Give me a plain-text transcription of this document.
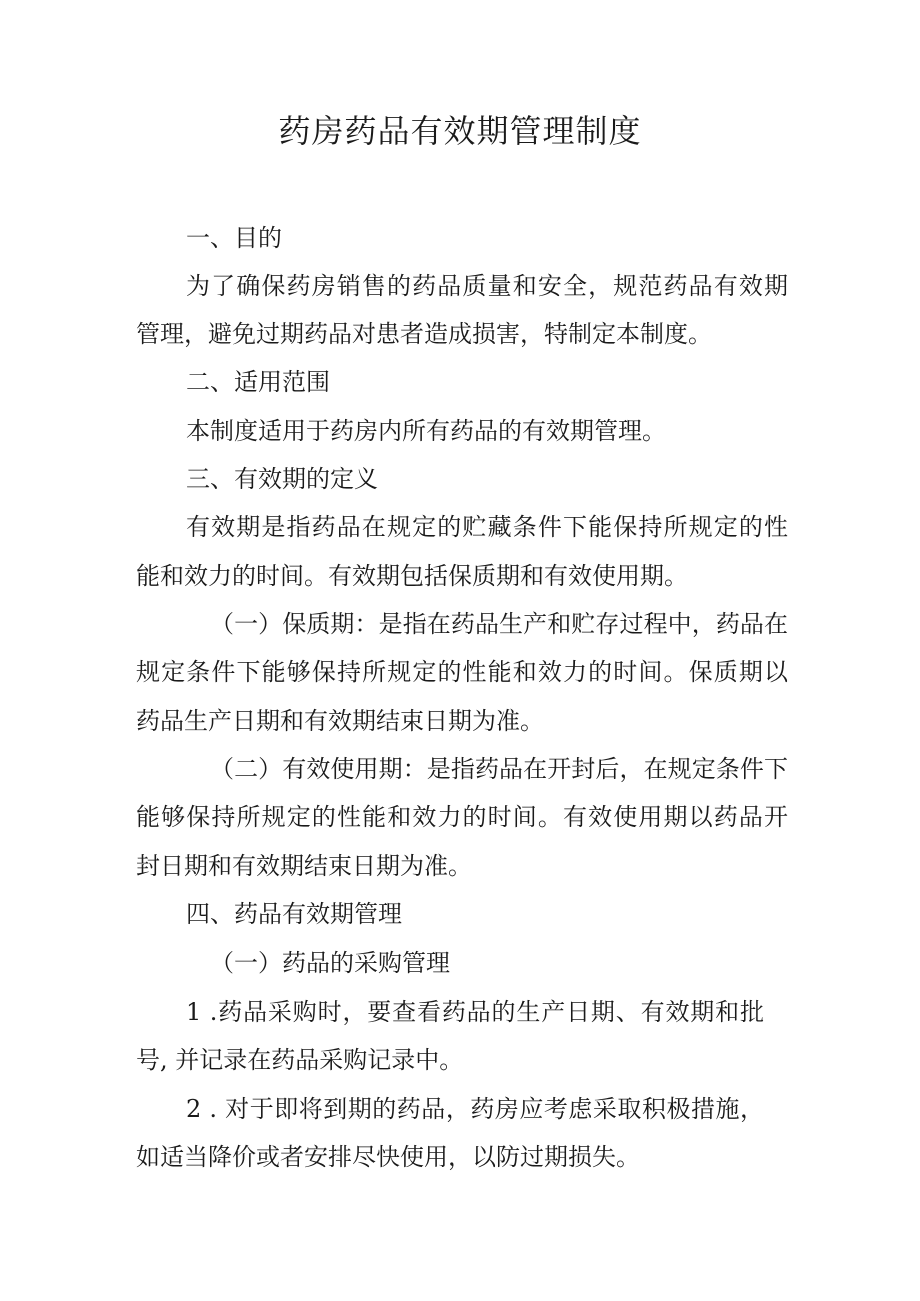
药房药品有效期管理制度
一、目的
为了确保药房销售的药品质量和安全，规范药品有效期
管理，避免过期药品对患者造成损害，特制定本制度。
二、适用范围
本制度适用于药房内所有药品的有效期管理。
三、有效期的定义
有效期是指药品在规定的贮藏条件下能保持所规定的性
能和效力的时间。有效期包括保质期和有效使用期。
（一）保质期：是指在药品生产和贮存过程中，药品在
规定条件下能够保持所规定的性能和效力的时间。保质期以
药品生产日期和有效期结束日期为准。
（二）有效使用期：是指药品在开封后，在规定条件下
能够保持所规定的性能和效力的时间。有效使用期以药品开
封日期和有效期结束日期为准。
四、药品有效期管理
（一）药品的采购管理
1 .药品采购时，要查看药品的生产日期、有效期和批
号, 并记录在药品采购记录中。
2 . 对于即将到期的药品，药房应考虑采取积极措施，
如适当降价或者安排尽快使用，以防过期损失。
